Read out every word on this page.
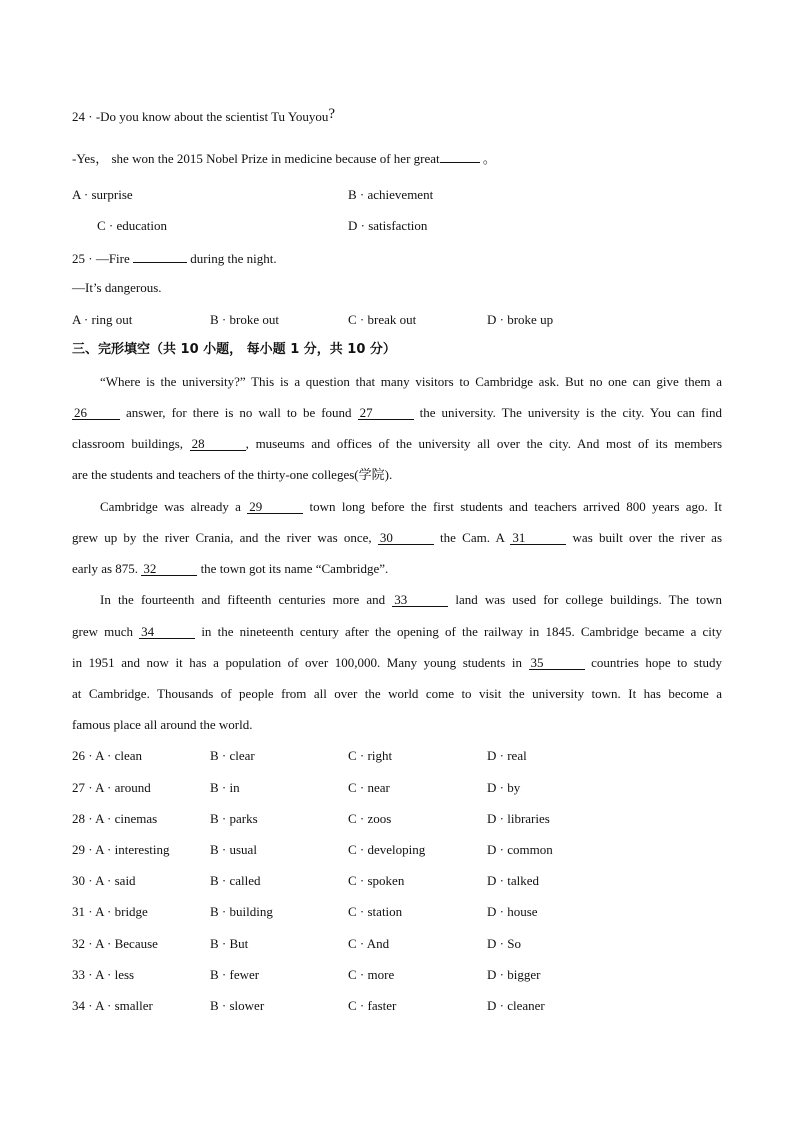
24 · -Do you know about the scientist Tu Youyou?
-Yes， she won the 2015 Nobel Prize in medicine because of her great	。
A · surprise	B · achievement
C · education	D · satisfaction
25 · —Fire	during the night.
—It’s dangerous.
A · ring out	B · broke out	C · break out	D · broke up
三、完形填空（共 10 小题， 每小题 1 分，共 10 分）
“Where is the university?” This is a question that many visitors to Cambridge ask. But no one can give them a
26	answer, for there is no wall to be found 27	the university. The university is the city. You can find
classroom buildings, 28	, museums and offices of the university all over the city. And most of its members
are the students and teachers of the thirty-one colleges(学院).
Cambridge was already a 29	town long before the first students and teachers arrived 800 years ago. It
grew up by the river Crania, and the river was once, 30	the Cam. A 31	was built over the river as
early as 875. 32	the town got its name “Cambridge”.
In the fourteenth and fifteenth centuries more and 33	land was used for college buildings. The town
grew much 34	in the nineteenth century after the opening of the railway in 1845. Cambridge became a city
in 1951 and now it has a population of over 100,000. Many young students in 35	countries hope to study
at Cambridge. Thousands of people from all over the world come to visit the university town. It has become a
famous place all around the world.
26 · A · clean	B · clear	C · right	D · real
27 · A · around	B · in	C · near	D · by
28 · A · cinemas	B · parks	C · zoos	D · libraries
29 · A · interesting	B · usual	C · developing	D · common
30 · A · said	B · called	C · spoken	D · talked
31 · A · bridge	B · building	C · station	D · house
32 · A · Because	B · But	C · And	D · So
33 · A · less	B · fewer	C · more	D · bigger
34 · A · smaller	B · slower	C · faster	D · cleaner
